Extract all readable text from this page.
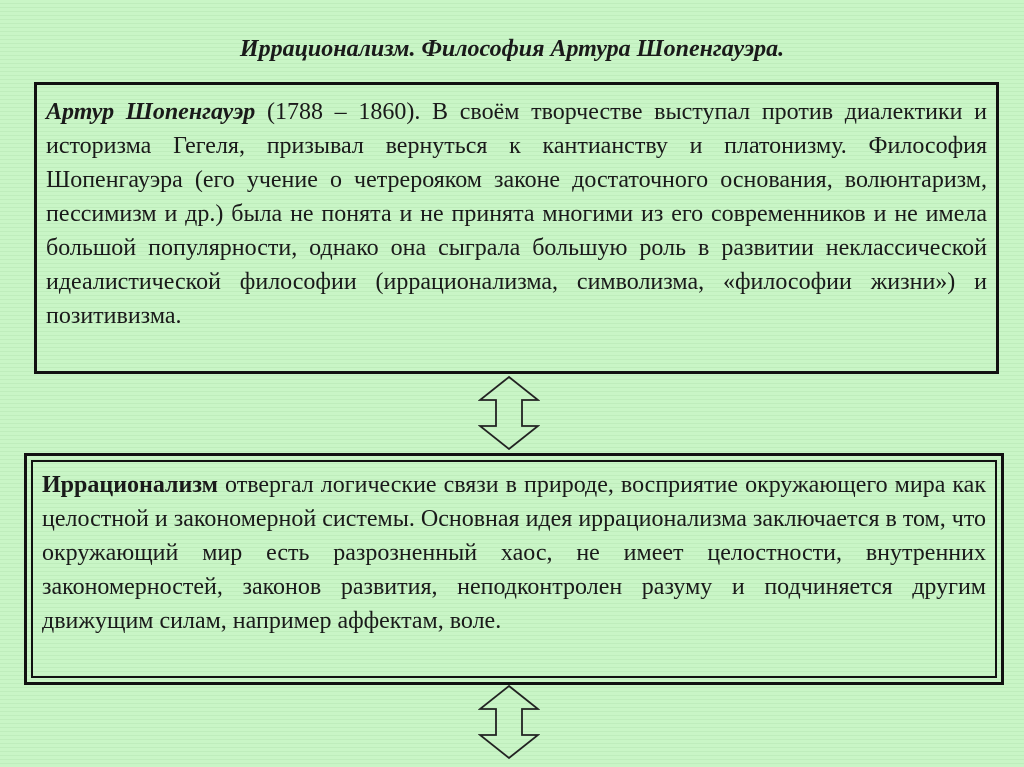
Иррационализм. Философия Артура Шопенгауэра.

Артур Шопенгауэр (1788 – 1860). В своём творчестве выступал против диалектики и историзма Гегеля, призывал вернуться к кантианству и платонизму. Философия Шопенгауэра (его учение о четрерояком законе достаточного основания, волюнтаризм, пессимизм и др.) была не понята и не принята многими из его современников и не имела большой популярности, однако она сыграла большую роль в развитии неклассической идеалистической философии (иррационализма, символизма, «философии жизни») и позитивизма.

Иррационализм отвергал логические связи в природе, восприятие окружающего мира как целостной и закономерной системы. Основная идея иррационализма заключается в том, что окружающий мир есть разрозненный хаос, не имеет целостности, внутренних закономерностей, законов развития, неподконтролен разуму и подчиняется другим движущим силам, например аффектам, воле.
